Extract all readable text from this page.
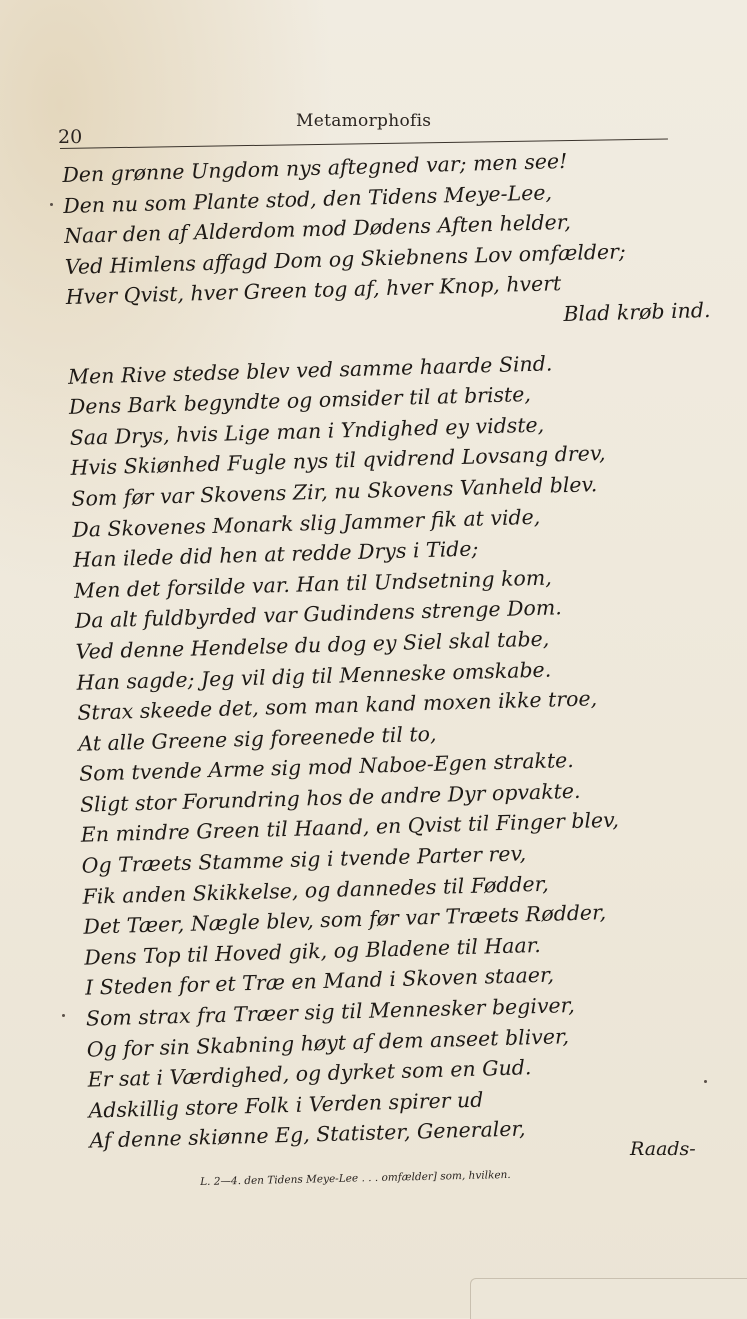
20
Metamorphofis
Den grønne Ungdom nys aftegned var; men see!
Den nu som Plante stod, den Tidens Meye-Lee,
Naar den af Alderdom mod Dødens Aften helder,
Ved Himlens affagd Dom og Skiebnens Lov omfælder;
Hver Qvist, hver Green tog af, hver Knop, hvert
Blad krøb ind.
Men Rive stedse blev ved samme haarde Sind.
Dens Bark begyndte og omsider til at briste,
Saa Drys, hvis Lige man i Yndighed ey vidste,
Hvis Skiønhed Fugle nys til qvidrend Lovsang drev,
Som før var Skovens Zir, nu Skovens Vanheld blev.
Da Skovenes Monark slig Jammer fik at vide,
Han ilede did hen at redde Drys i Tide;
Men det forsilde var. Han til Undsetning kom,
Da alt fuldbyrded var Gudindens strenge Dom.
Ved denne Hendelse du dog ey Siel skal tabe,
Han sagde; Jeg vil dig til Menneske omskabe.
Strax skeede det, som man kand moxen ikke troe,
At alle Greene sig foreenede til to,
Som tvende Arme sig mod Naboe-Egen strakte.
Sligt stor Forundring hos de andre Dyr opvakte.
En mindre Green til Haand, en Qvist til Finger blev,
Og Træets Stamme sig i tvende Parter rev,
Fik anden Skikkelse, og dannedes til Fødder,
Det Tæer, Nægle blev, som før var Træets Rødder,
Dens Top til Hoved gik, og Bladene til Haar.
I Steden for et Træ en Mand i Skoven staaer,
Som strax fra Træer sig til Mennesker begiver,
Og for sin Skabning høyt af dem anseet bliver,
Er sat i Værdighed, og dyrket som en Gud.
Adskillig store Folk i Verden spirer ud
Af denne skiønne Eg, Statister, Generaler,	Raads-
L. 2—4. den Tidens Meye-Lee . . . omfælder] som, hvilken.
